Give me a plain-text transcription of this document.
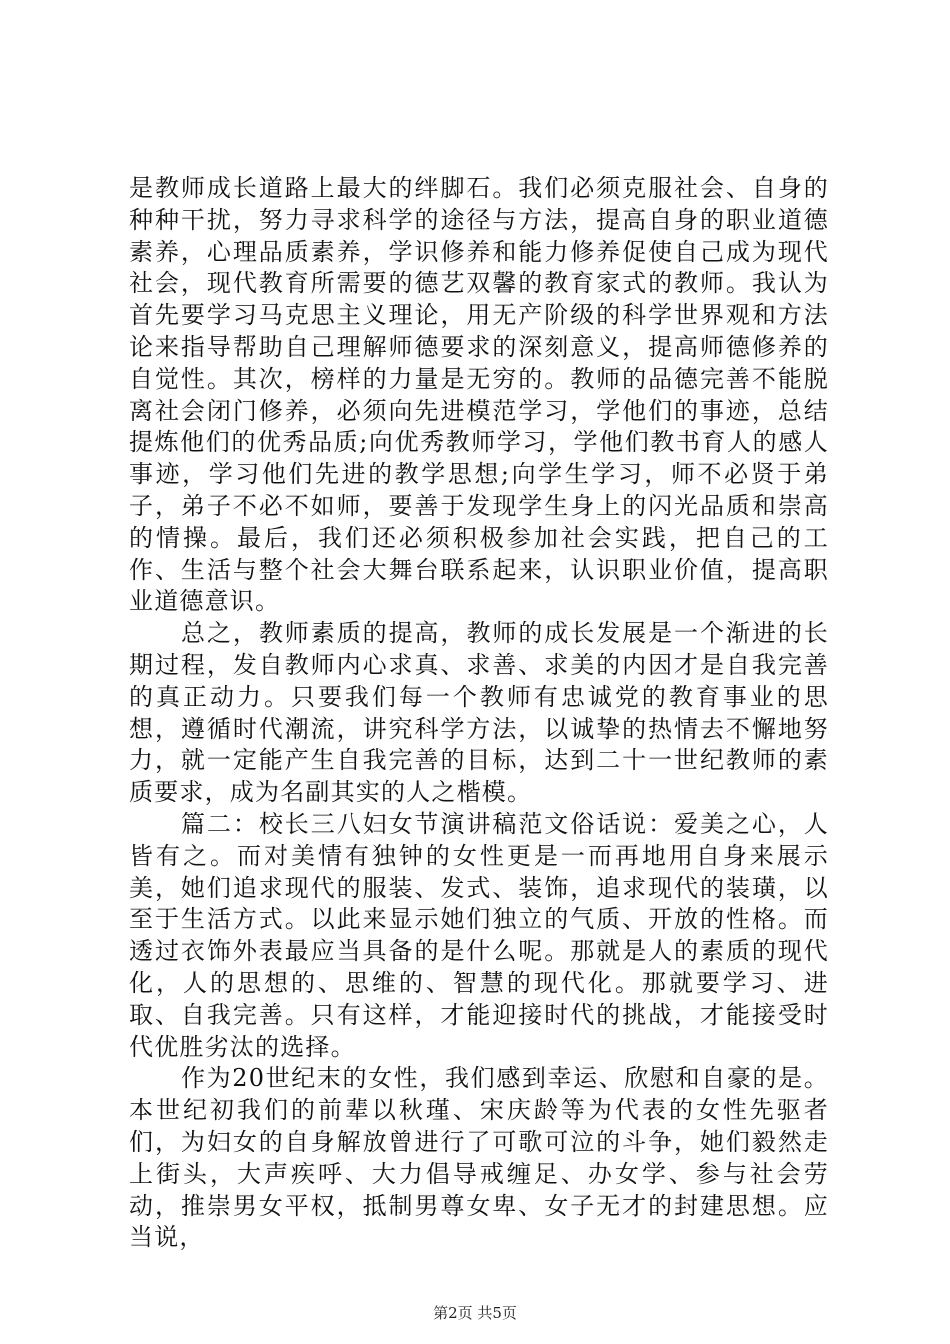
是教师成长道路上最大的绊脚石。我们必须克服社会、自身的种种干扰，努力寻求科学的途径与方法，提高自身的职业道德素养，心理品质素养，学识修养和能力修养促使自己成为现代社会，现代教育所需要的德艺双馨的教育家式的教师。我认为首先要学习马克思主义理论，用无产阶级的科学世界观和方法论来指导帮助自己理解师德要求的深刻意义，提高师德修养的自觉性。其次，榜样的力量是无穷的。教师的品德完善不能脱离社会闭门修养，必须向先进模范学习，学他们的事迹，总结提炼他们的优秀品质;向优秀教师学习，学他们教书育人的感人事迹，学习他们先进的教学思想;向学生学习，师不必贤于弟子，弟子不必不如师，要善于发现学生身上的闪光品质和崇高的情操。最后，我们还必须积极参加社会实践，把自己的工作、生活与整个社会大舞台联系起来，认识职业价值，提高职业道德意识。

总之，教师素质的提高，教师的成长发展是一个渐进的长期过程，发自教师内心求真、求善、求美的内因才是自我完善的真正动力。只要我们每一个教师有忠诚党的教育事业的思想，遵循时代潮流，讲究科学方法，以诚挚的热情去不懈地努力，就一定能产生自我完善的目标，达到二十一世纪教师的素质要求，成为名副其实的人之楷模。

篇二：校长三八妇女节演讲稿范文俗话说：爱美之心，人皆有之。而对美情有独钟的女性更是一而再地用自身来展示美，她们追求现代的服装、发式、装饰，追求现代的装璜，以至于生活方式。以此来显示她们独立的气质、开放的性格。而透过衣饰外表最应当具备的是什么呢。那就是人的素质的现代化，人的思想的、思维的、智慧的现代化。那就要学习、进取、自我完善。只有这样，才能迎接时代的挑战，才能接受时代优胜劣汰的选择。

作为20世纪末的女性，我们感到幸运、欣慰和自豪的是。本世纪初我们的前辈以秋瑾、宋庆龄等为代表的女性先驱者们，为妇女的自身解放曾进行了可歌可泣的斗争，她们毅然走上街头，大声疾呼、大力倡导戒缠足、办女学、参与社会劳动，推崇男女平权，抵制男尊女卑、女子无才的封建思想。应当说，

第2页 共5页
